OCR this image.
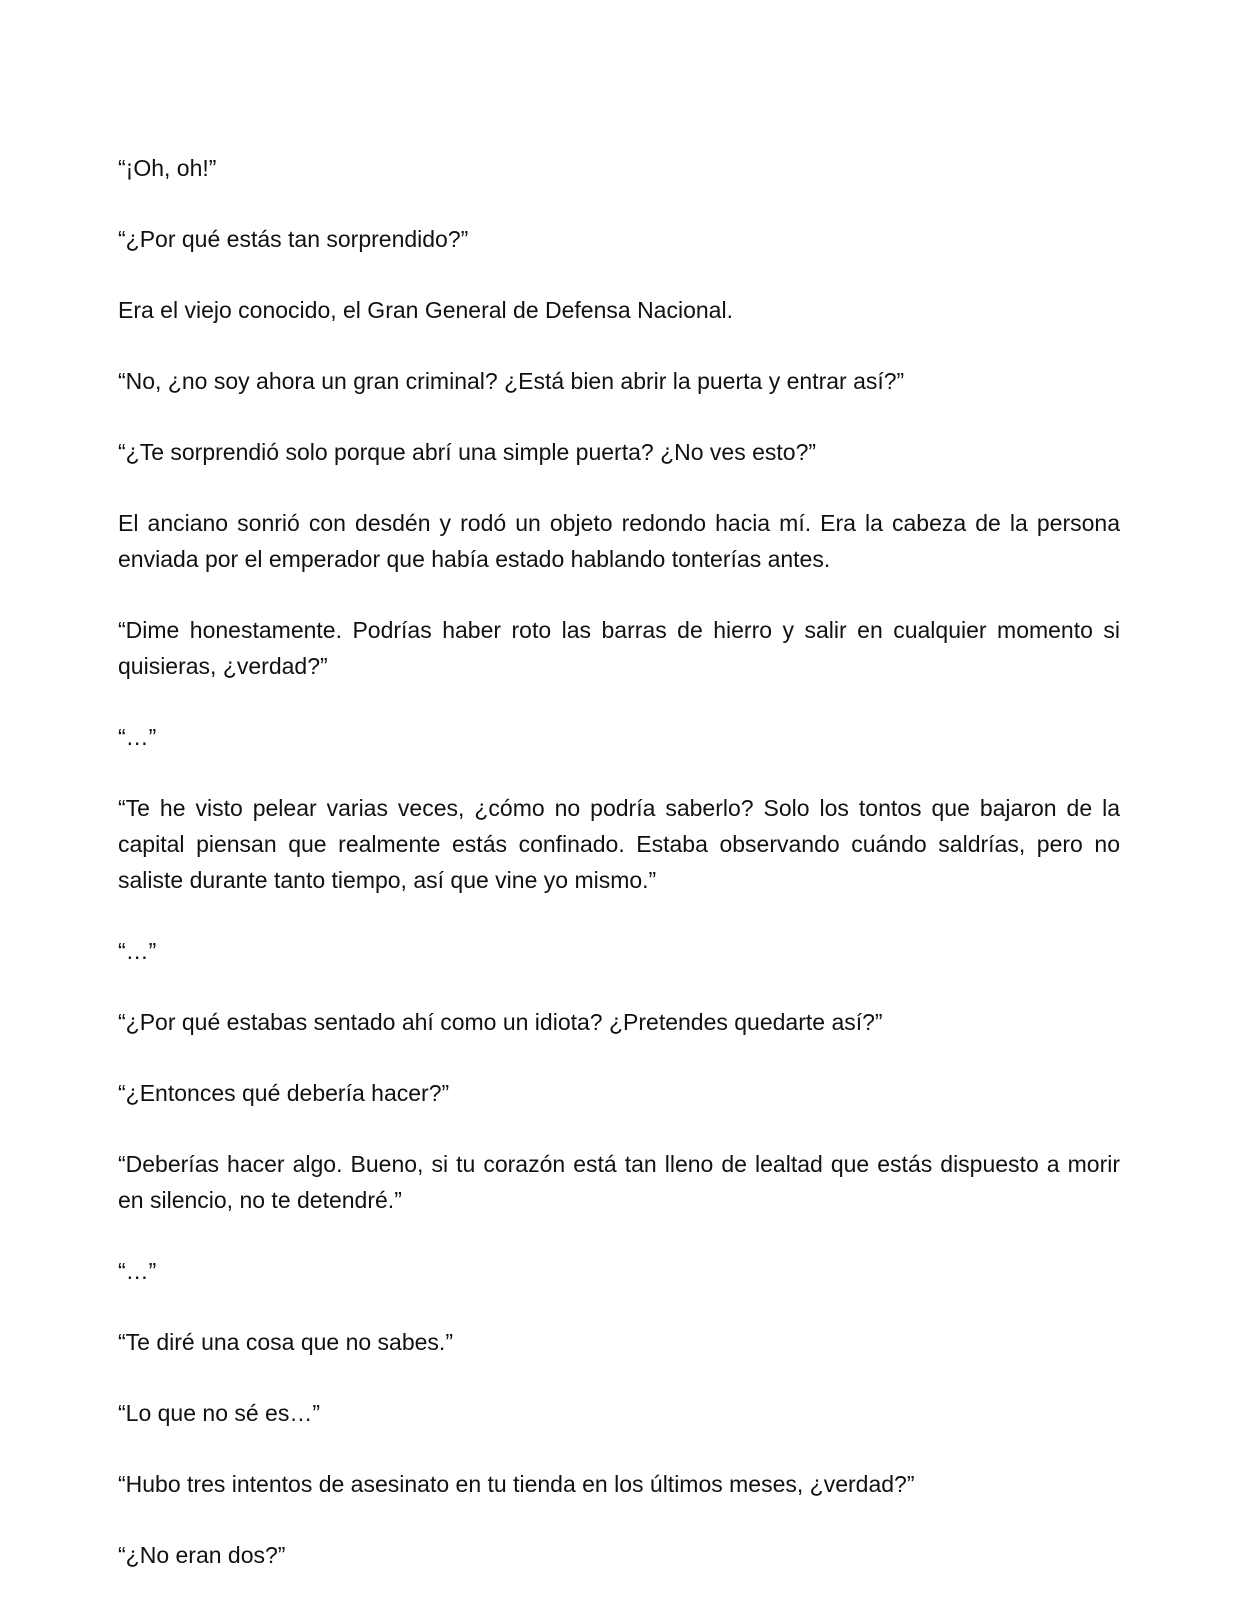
“¡Oh, oh!”

“¿Por qué estás tan sorprendido?”

Era el viejo conocido, el Gran General de Defensa Nacional.

“No, ¿no soy ahora un gran criminal? ¿Está bien abrir la puerta y entrar así?”

“¿Te sorprendió solo porque abrí una simple puerta? ¿No ves esto?”

El anciano sonrió con desdén y rodó un objeto redondo hacia mí. Era la cabeza de la persona enviada por el emperador que había estado hablando tonterías antes.

“Dime honestamente. Podrías haber roto las barras de hierro y salir en cualquier momento si quisieras, ¿verdad?”

“…”

“Te he visto pelear varias veces, ¿cómo no podría saberlo? Solo los tontos que bajaron de la capital piensan que realmente estás confinado. Estaba observando cuándo saldrías, pero no saliste durante tanto tiempo, así que vine yo mismo.”

“…”

“¿Por qué estabas sentado ahí como un idiota? ¿Pretendes quedarte así?”

“¿Entonces qué debería hacer?”

“Deberías hacer algo. Bueno, si tu corazón está tan lleno de lealtad que estás dispuesto a morir en silencio, no te detendré.”

“…”

“Te diré una cosa que no sabes.”

“Lo que no sé es…”

“Hubo tres intentos de asesinato en tu tienda en los últimos meses, ¿verdad?”

“¿No eran dos?”
